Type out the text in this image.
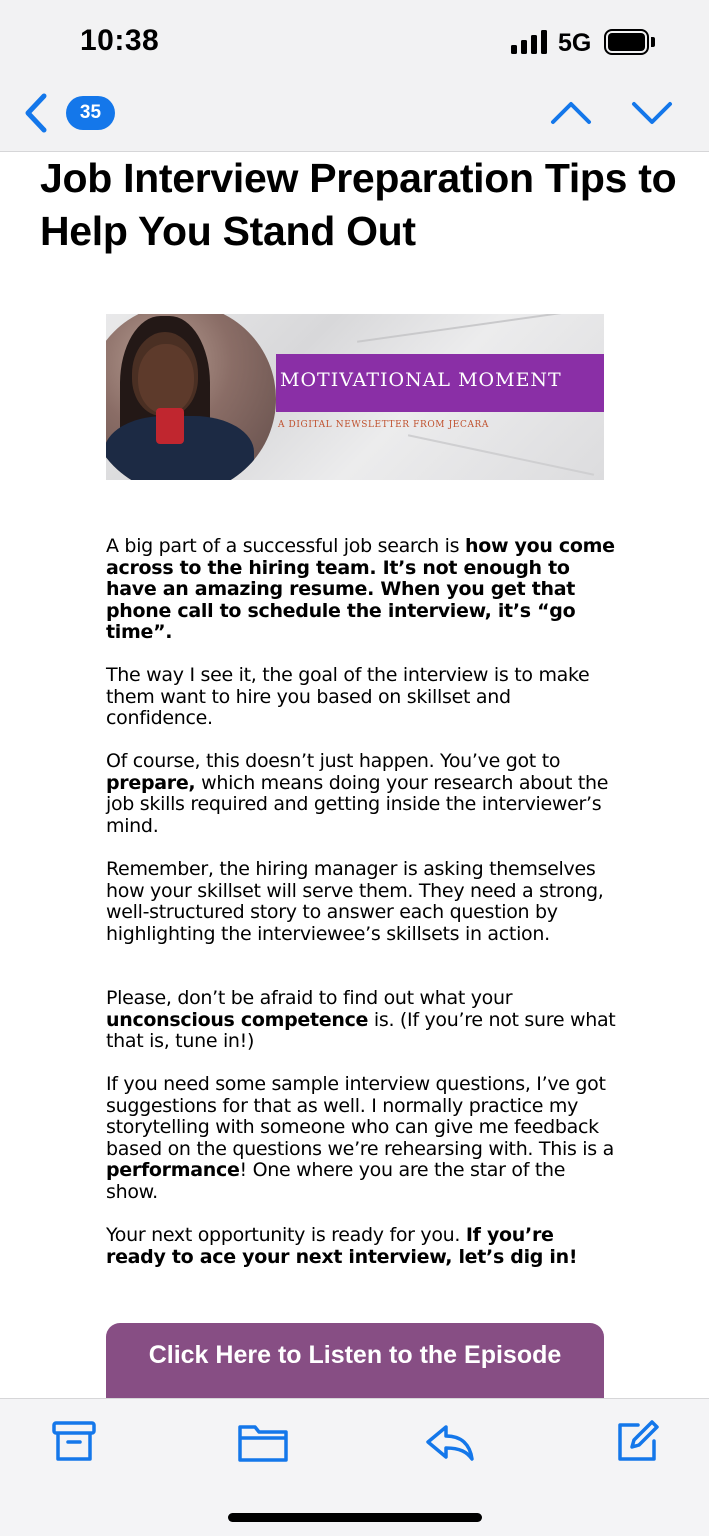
10:38	5G
35
Job Interview Preparation Tips to Help You Stand Out
MOTIVATIONAL MOMENT
A DIGITAL NEWSLETTER FROM JECARA

A big part of a successful job search is how you come across to the hiring team. It’s not enough to have an amazing resume. When you get that phone call to schedule the interview, it’s “go time”.

The way I see it, the goal of the interview is to make them want to hire you based on skillset and confidence.

Of course, this doesn’t just happen. You’ve got to prepare, which means doing your research about the job skills required and getting inside the interviewer’s mind.

Remember, the hiring manager is asking themselves how your skillset will serve them. They need a strong, well-structured story to answer each question by highlighting the interviewee’s skillsets in action.

Please, don’t be afraid to find out what your unconscious competence is. (If you’re not sure what that is, tune in!)

If you need some sample interview questions, I’ve got suggestions for that as well. I normally practice my storytelling with someone who can give me feedback based on the questions we’re rehearsing with. This is a performance! One where you are the star of the show.

Your next opportunity is ready for you. If you’re ready to ace your next interview, let’s dig in!

Click Here to Listen to the Episode
